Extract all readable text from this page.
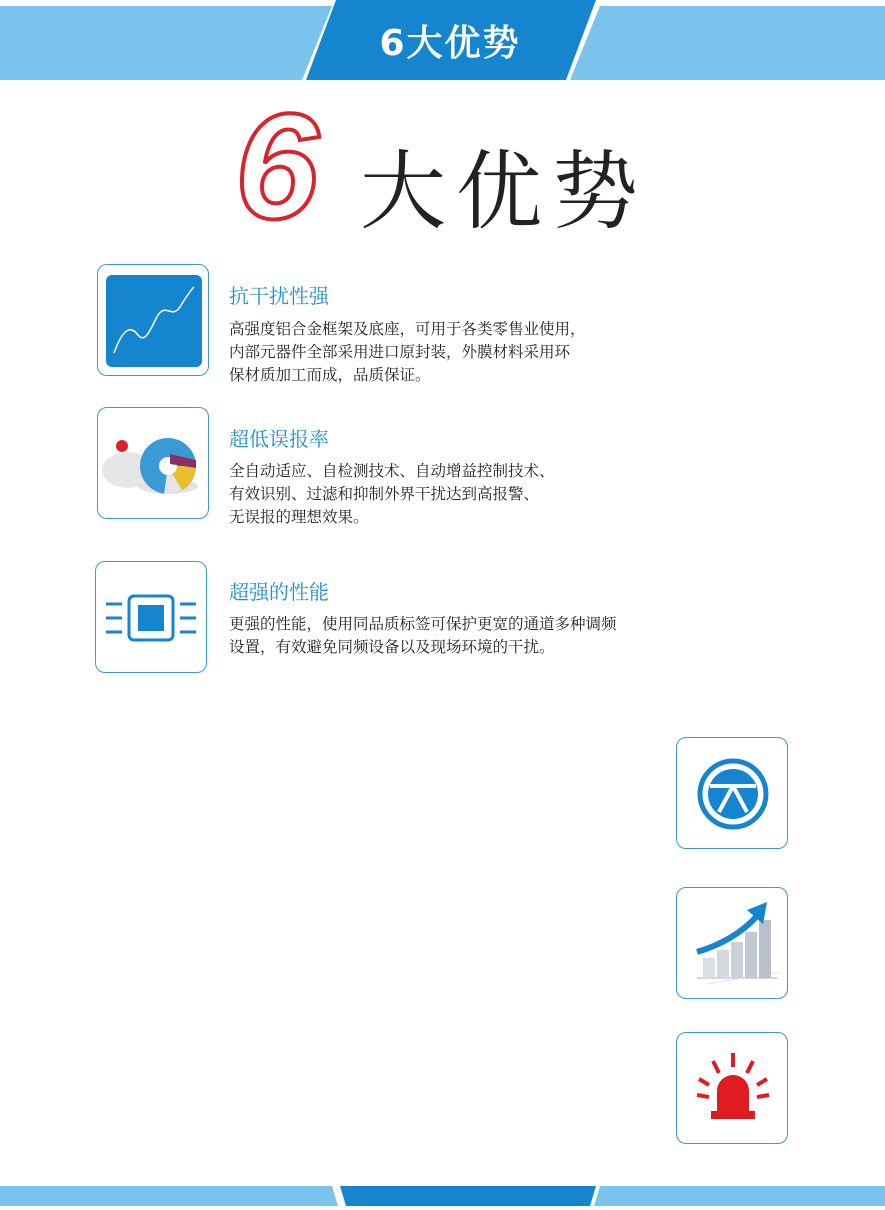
6大优势
6 大优势
抗干扰性强
高强度铝合金框架及底座，可用于各类零售业使用，
内部元器件全部采用进口原封装，外膜材料采用环
保材质加工而成，品质保证。
超低误报率
全自动适应、自检测技术、自动增益控制技术、
有效识别、过滤和抑制外界干扰达到高报警、
无误报的理想效果。
超强的性能
更强的性能，使用同品质标签可保护更宽的通道多种调频
设置，有效避免同频设备以及现场环境的干扰。
